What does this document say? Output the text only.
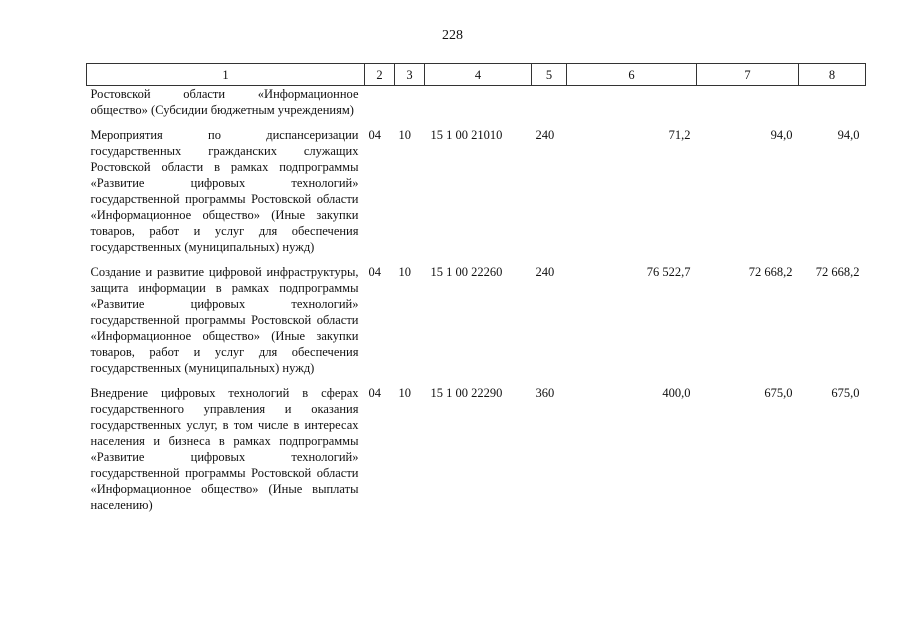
228
1	2	3	4	5	6	7	8
Ростовской области «Информационное общество» (Субсидии бюджетным учреждениям)							
Мероприятия по диспансеризации государственных гражданских служащих Ростовской области в рамках подпрограммы «Развитие цифровых технологий» государственной программы Ростовской области «Информационное общество» (Иные закупки товаров, работ и услуг для обеспечения государственных (муниципальных) нужд)	04	10	15 1 00 21010	240	71,2	94,0	94,0
Создание и развитие цифровой инфраструктуры, защита информации в рамках подпрограммы «Развитие цифровых технологий» государственной программы Ростовской области «Информационное общество» (Иные закупки товаров, работ и услуг для обеспечения государственных (муниципальных) нужд)	04	10	15 1 00 22260	240	76 522,7	72 668,2	72 668,2
Внедрение цифровых технологий в сферах государственного управления и оказания государственных услуг, в том числе в интересах населения и бизнеса в рамках подпрограммы «Развитие цифровых технологий» государственной программы Ростовской области «Информационное общество» (Иные выплаты населению)	04	10	15 1 00 22290	360	400,0	675,0	675,0
